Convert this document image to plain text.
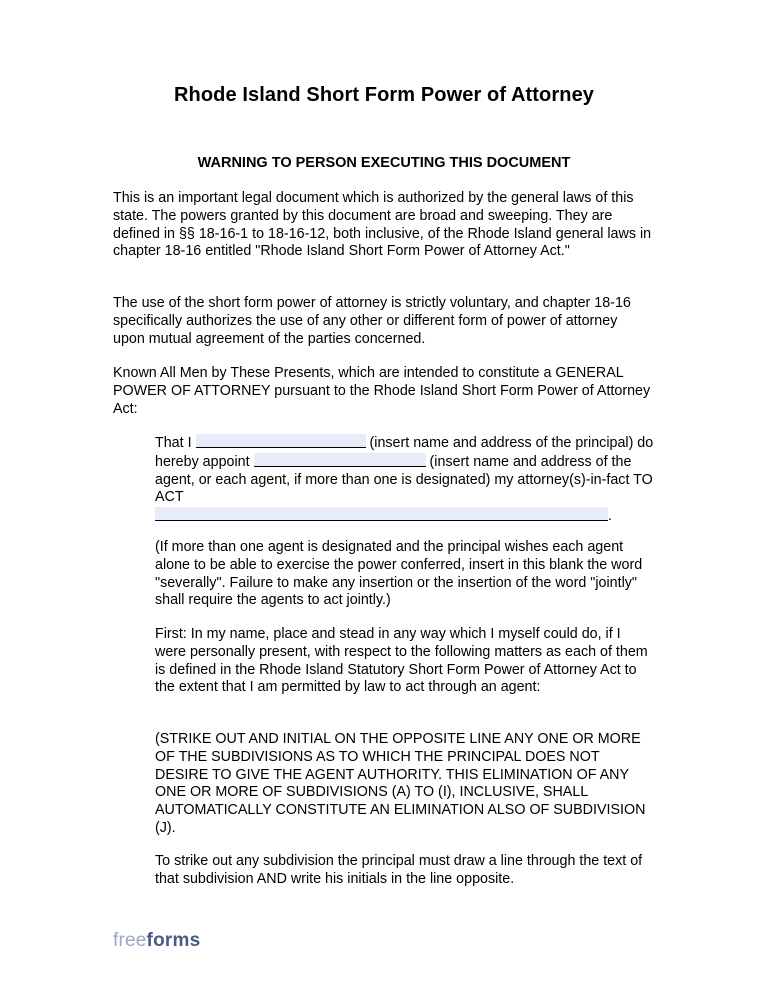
Rhode Island Short Form Power of Attorney
WARNING TO PERSON EXECUTING THIS DOCUMENT
This is an important legal document which is authorized by the general laws of this state. The powers granted by this document are broad and sweeping. They are defined in §§ 18-16-1 to 18-16-12, both inclusive, of the Rhode Island general laws in chapter 18-16 entitled "Rhode Island Short Form Power of Attorney Act."
The use of the short form power of attorney is strictly voluntary, and chapter 18-16 specifically authorizes the use of any other or different form of power of attorney upon mutual agreement of the parties concerned.
Known All Men by These Presents, which are intended to constitute a GENERAL POWER OF ATTORNEY pursuant to the Rhode Island Short Form Power of Attorney Act:
That I	(insert name and address of the principal) do hereby appoint	(insert name and address of the agent, or each agent, if more than one is designated) my attorney(s)-in-fact TO ACT
.
(If more than one agent is designated and the principal wishes each agent alone to be able to exercise the power conferred, insert in this blank the word "severally". Failure to make any insertion or the insertion of the word "jointly" shall require the agents to act jointly.)
First: In my name, place and stead in any way which I myself could do, if I were personally present, with respect to the following matters as each of them is defined in the Rhode Island Statutory Short Form Power of Attorney Act to the extent that I am permitted by law to act through an agent:
(STRIKE OUT AND INITIAL ON THE OPPOSITE LINE ANY ONE OR MORE OF THE SUBDIVISIONS AS TO WHICH THE PRINCIPAL DOES NOT DESIRE TO GIVE THE AGENT AUTHORITY. THIS ELIMINATION OF ANY ONE OR MORE OF SUBDIVISIONS (A) TO (I), INCLUSIVE, SHALL AUTOMATICALLY CONSTITUTE AN ELIMINATION ALSO OF SUBDIVISION (J).
To strike out any subdivision the principal must draw a line through the text of that subdivision AND write his initials in the line opposite.
freeforms
